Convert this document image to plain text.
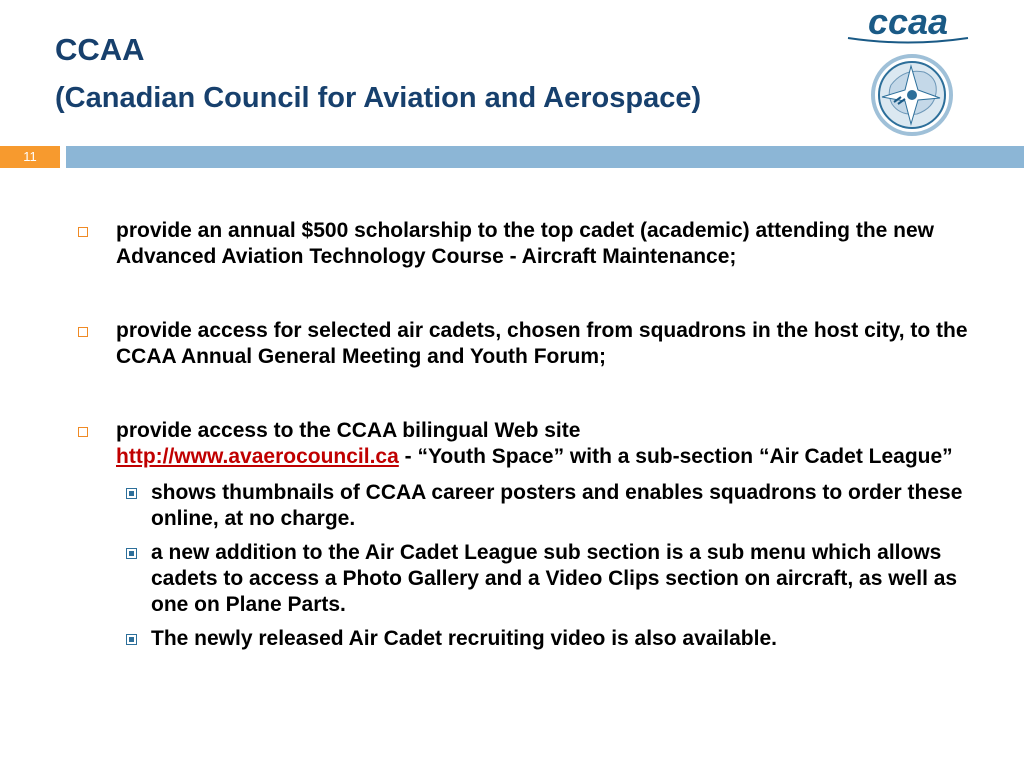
CCAA
(Canadian Council for Aviation and Aerospace)
ccaa
11
provide an annual $500 scholarship to the top cadet (academic) attending the new Advanced Aviation Technology Course - Aircraft Maintenance;
provide access for selected air cadets, chosen from squadrons in the host city, to the CCAA Annual General Meeting and Youth Forum;
provide access to the CCAA bilingual Web site
http://www.avaerocouncil.ca - “Youth Space” with a sub-section “Air Cadet League”
shows thumbnails of CCAA career posters and enables squadrons to order these online, at no charge.
a new addition to the Air Cadet League sub section is a sub menu which allows cadets to access a Photo Gallery and a Video Clips section on aircraft, as well as one on Plane Parts.
The newly released Air Cadet recruiting video is also available.
